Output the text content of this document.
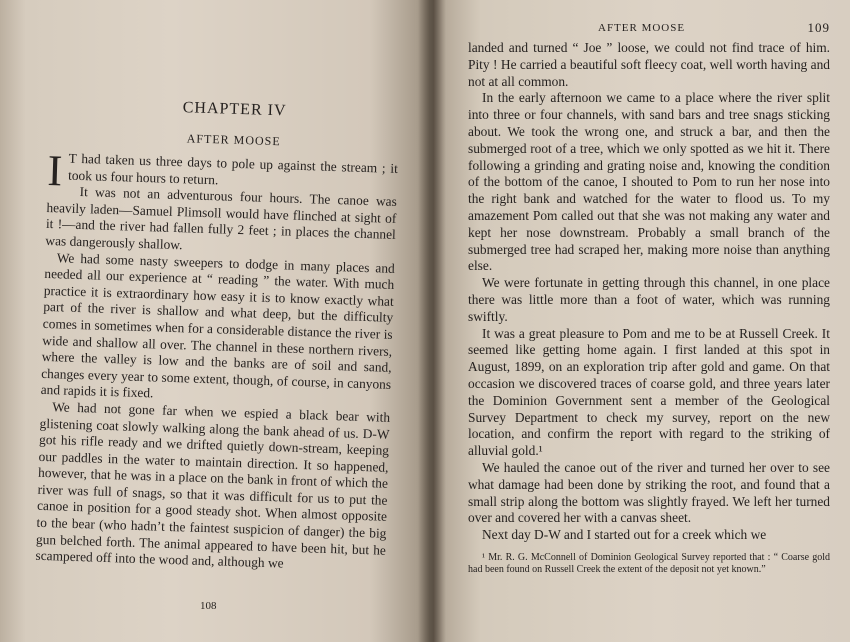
CHAPTER IV
AFTER MOOSE

I T had taken us three days to pole up against the stream ; it took us four hours to return.

It was not an adventurous four hours. The canoe was heavily laden—Samuel Plimsoll would have flinched at sight of it !—and the river had fallen fully 2 feet ; in places the channel was dangerously shallow.

We had some nasty sweepers to dodge in many places and needed all our experience at “ reading ” the water. With much practice it is extraordinary how easy it is to know exactly what part of the river is shallow and what deep, but the difficulty comes in sometimes when for a considerable distance the river is wide and shallow all over. The channel in these northern rivers, where the valley is low and the banks are of soil and sand, changes every year to some extent, though, of course, in canyons and rapids it is fixed.

We had not gone far when we espied a black bear with glistening coat slowly walking along the bank ahead of us. D-W got his rifle ready and we drifted quietly down-stream, keeping our paddles in the water to maintain direction. It so happened, however, that he was in a place on the bank in front of which the river was full of snags, so that it was difficult for us to put the canoe in position for a good steady shot. When almost opposite to the bear (who hadn’t the faintest suspicion of danger) the big gun belched forth. The animal appeared to have been hit, but he scampered off into the wood and, although we

108
AFTER MOOSE	109

landed and turned “ Joe ” loose, we could not find trace of him. Pity ! He carried a beautiful soft fleecy coat, well worth having and not at all common.

In the early afternoon we came to a place where the river split into three or four channels, with sand bars and tree snags sticking about. We took the wrong one, and struck a bar, and then the submerged root of a tree, which we only spotted as we hit it. There following a grinding and grating noise and, knowing the condition of the bottom of the canoe, I shouted to Pom to run her nose into the right bank and watched for the water to flood us. To my amazement Pom called out that she was not making any water and kept her nose downstream. Probably a small branch of the submerged tree had scraped her, making more noise than anything else.

We were fortunate in getting through this channel, in one place there was little more than a foot of water, which was running swiftly.

It was a great pleasure to Pom and me to be at Russell Creek. It seemed like getting home again. I first landed at this spot in August, 1899, on an exploration trip after gold and game. On that occasion we discovered traces of coarse gold, and three years later the Dominion Government sent a member of the Geological Survey Department to check my survey, report on the new location, and confirm the report with regard to the striking of alluvial gold.¹

We hauled the canoe out of the river and turned her over to see what damage had been done by striking the root, and found that a small strip along the bottom was slightly frayed. We left her turned over and covered her with a canvas sheet.

Next day D-W and I started out for a creek which we

¹ Mr. R. G. McConnell of Dominion Geological Survey reported that : “ Coarse gold had been found on Russell Creek the extent of the deposit not yet known.”
